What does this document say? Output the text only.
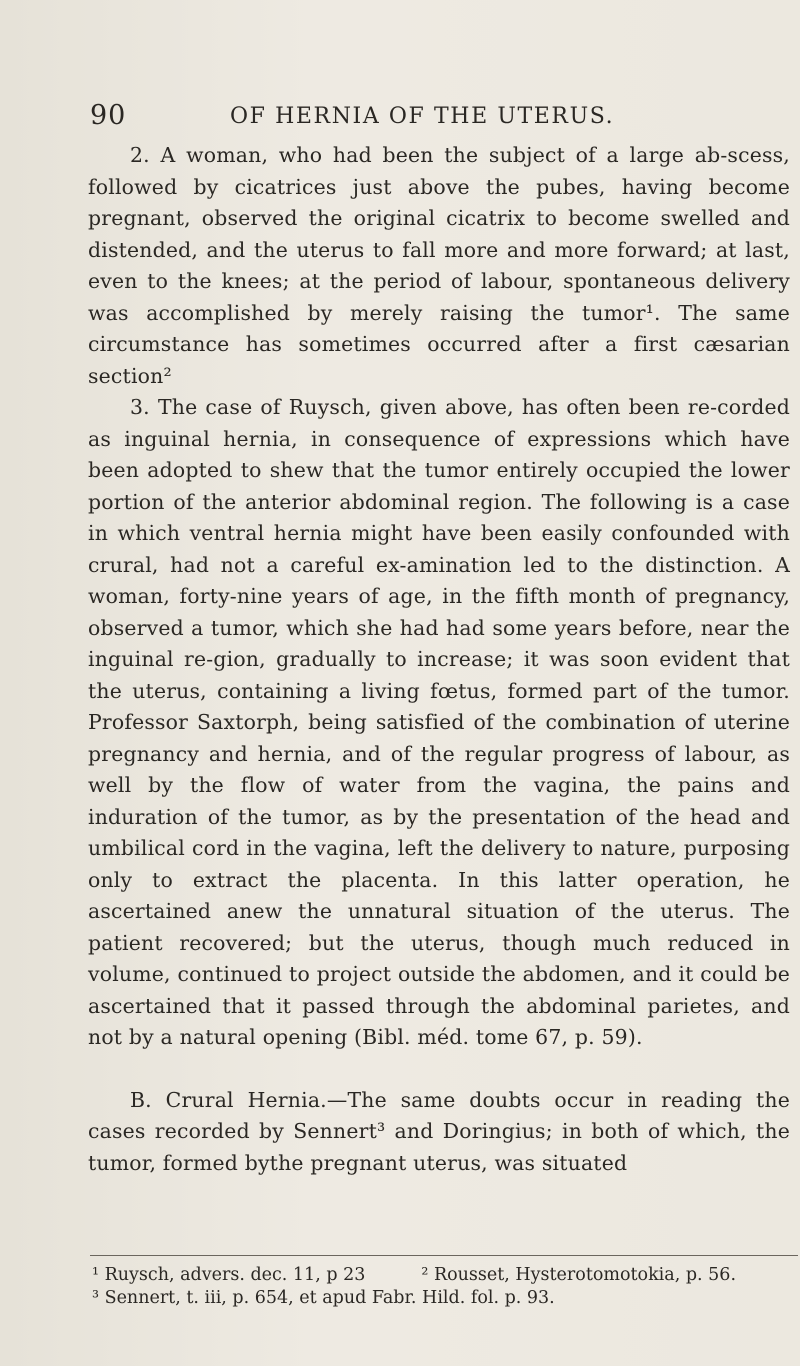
90	OF HERNIA OF THE UTERUS.

2. A woman, who had been the subject of a large ab-scess, followed by cicatrices just above the pubes, having become pregnant, observed the original cicatrix to become swelled and distended, and the uterus to fall more and more forward; at last, even to the knees; at the period of labour, spontaneous delivery was accomplished by merely raising the tumor¹. The same circumstance has sometimes occurred after a first cæsarian section²

3. The case of Ruysch, given above, has often been re-corded as inguinal hernia, in consequence of expressions which have been adopted to shew that the tumor entirely occupied the lower portion of the anterior abdominal region. The following is a case in which ventral hernia might have been easily confounded with crural, had not a careful ex-amination led to the distinction. A woman, forty-nine years of age, in the fifth month of pregnancy, observed a tumor, which she had had some years before, near the inguinal re-gion, gradually to increase; it was soon evident that the uterus, containing a living fœtus, formed part of the tumor. Professor Saxtorph, being satisfied of the combination of uterine pregnancy and hernia, and of the regular progress of labour, as well by the flow of water from the vagina, the pains and induration of the tumor, as by the presentation of the head and umbilical cord in the vagina, left the delivery to nature, purposing only to extract the placenta. In this latter operation, he ascertained anew the unnatural situation of the uterus. The patient recovered; but the uterus, though much reduced in volume, continued to project outside the abdomen, and it could be ascertained that it passed through the abdominal parietes, and not by a natural opening (Bibl. méd. tome 67, p. 59).

B. Crural Hernia.—The same doubts occur in reading the cases recorded by Sennert³ and Doringius; in both of which, the tumor, formed bythe pregnant uterus, was situated

¹ Ruysch, advers. dec. 11, p 23	² Rousset, Hysterotomotokia, p. 56.
³ Sennert, t. iii, p. 654, et apud Fabr. Hild. fol. p. 93.
